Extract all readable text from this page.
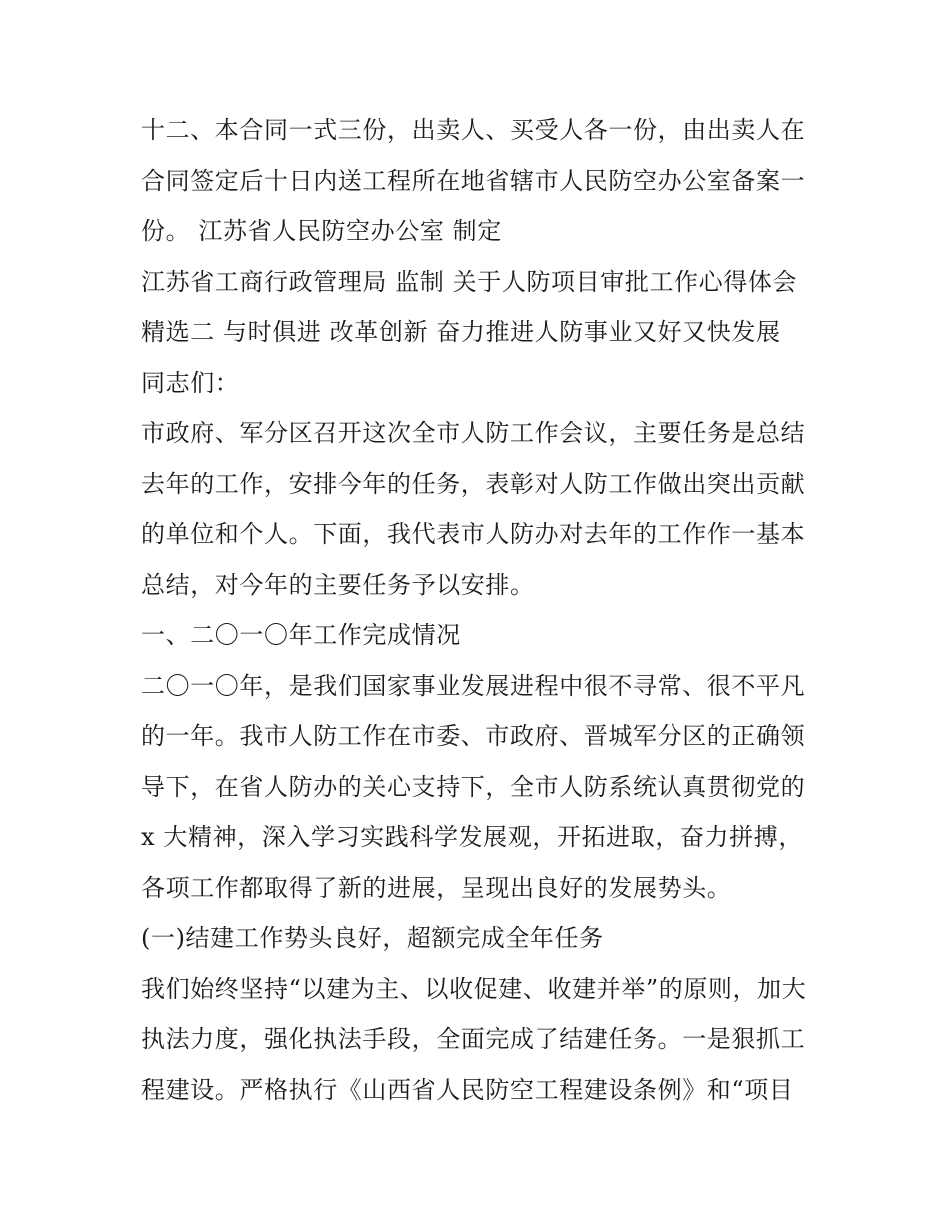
十二、本合同一式三份，出卖人、买受人各一份，由出卖人在
合同签定后十日内送工程所在地省辖市人民防空办公室备案一
份。 江苏省人民防空办公室 制定
江苏省工商行政管理局 监制 关于人防项目审批工作心得体会
精选二 与时俱进 改革创新 奋力推进人防事业又好又快发展
同志们：
市政府、军分区召开这次全市人防工作会议，主要任务是总结
去年的工作，安排今年的任务，表彰对人防工作做出突出贡献
的单位和个人。下面，我代表市人防办对去年的工作作一基本
总结，对今年的主要任务予以安排。
一、二〇一〇年工作完成情况
二〇一〇年，是我们国家事业发展进程中很不寻常、很不平凡
的一年。我市人防工作在市委、市政府、晋城军分区的正确领
导下，在省人防办的关心支持下，全市人防系统认真贯彻党的
x 大精神，深入学习实践科学发展观，开拓进取，奋力拼搏，
各项工作都取得了新的进展，呈现出良好的发展势头。
(一)结建工作势头良好，超额完成全年任务
我们始终坚持“以建为主、以收促建、收建并举”的原则，加大
执法力度，强化执法手段，全面完成了结建任务。一是狠抓工
程建设。严格执行《山西省人民防空工程建设条例》和“项目
